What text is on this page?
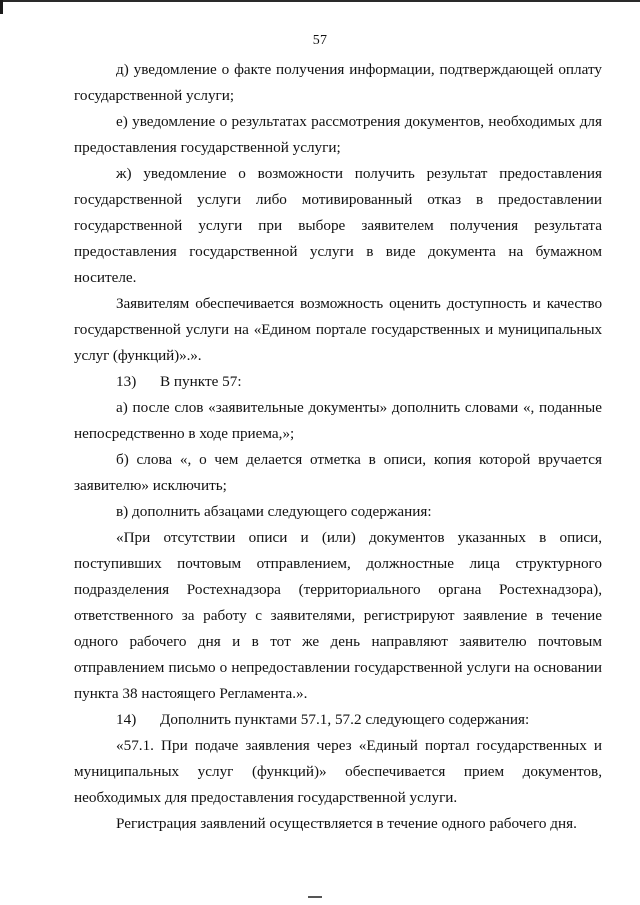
57

д) уведомление о факте получения информации, подтверждающей оплату государственной услуги;

е) уведомление о результатах рассмотрения документов, необходимых для предоставления государственной услуги;

ж) уведомление о возможности получить результат предоставления государственной услуги либо мотивированный отказ в предоставлении государственной услуги при выборе заявителем получения результата предоставления государственной услуги в виде документа на бумажном носителе.

Заявителям обеспечивается возможность оценить доступность и качество государственной услуги на «Едином портале государственных и муниципальных услуг (функций)».».

13) В пункте 57:

а) после слов «заявительные документы» дополнить словами «, поданные непосредственно в ходе приема,»;

б) слова «, о чем делается отметка в описи, копия которой вручается заявителю» исключить;

в) дополнить абзацами следующего содержания:

«При отсутствии описи и (или) документов указанных в описи, поступивших почтовым отправлением, должностные лица структурного подразделения Ростехнадзора (территориального органа Ростехнадзора), ответственного за работу с заявителями, регистрируют заявление в течение одного рабочего дня и в тот же день направляют заявителю почтовым отправлением письмо о непредоставлении государственной услуги на основании пункта 38 настоящего Регламента.».

14) Дополнить пунктами 57.1, 57.2 следующего содержания:

«57.1. При подаче заявления через «Единый портал государственных и муниципальных услуг (функций)» обеспечивается прием документов, необходимых для предоставления государственной услуги.

Регистрация заявлений осуществляется в течение одного рабочего дня.
